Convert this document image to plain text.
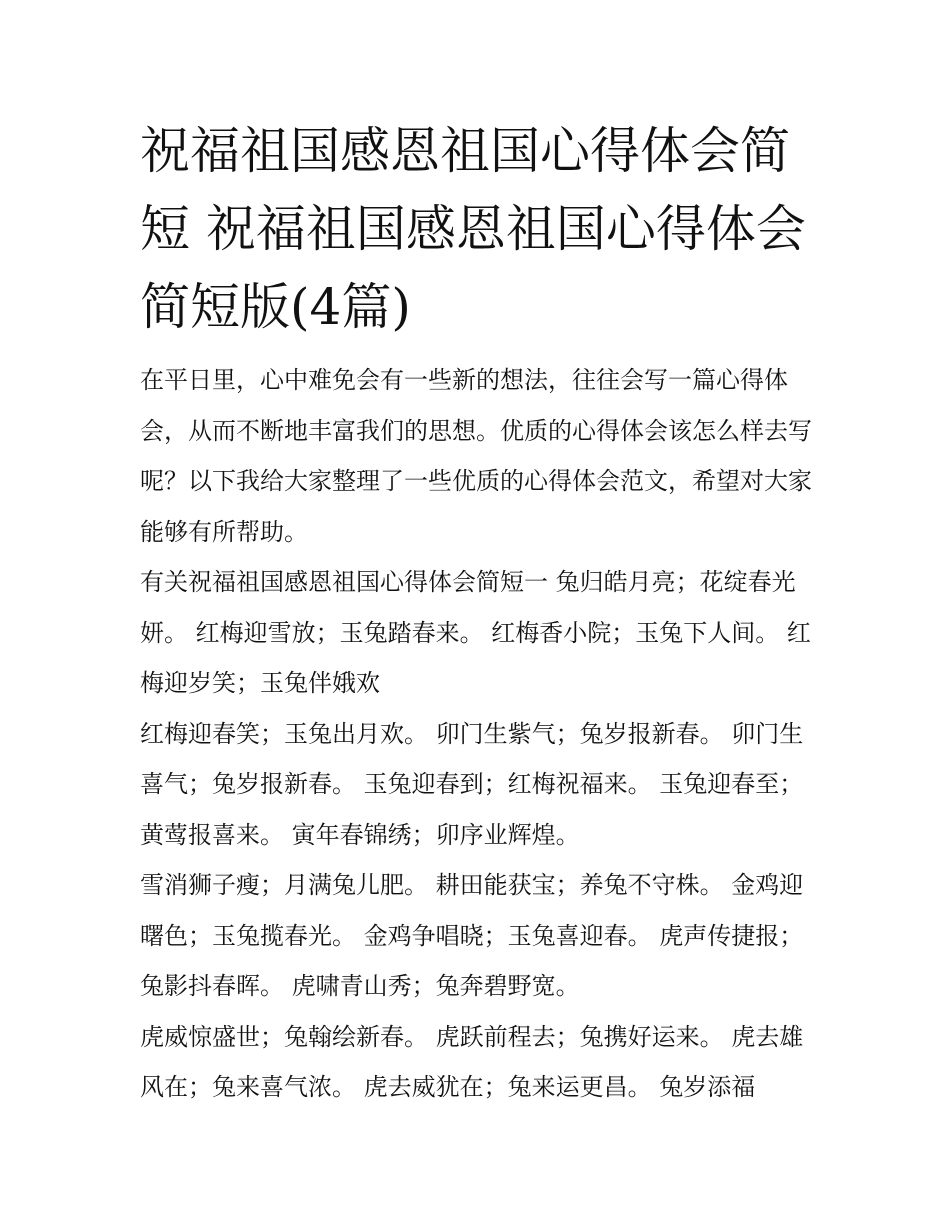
祝福祖国感恩祖国心得体会简短 祝福祖国感恩祖国心得体会简短版(4篇)

在平日里，心中难免会有一些新的想法，往往会写一篇心得体会，从而不断地丰富我们的思想。优质的心得体会该怎么样去写呢？以下我给大家整理了一些优质的心得体会范文，希望对大家能够有所帮助。

有关祝福祖国感恩祖国心得体会简短一 兔归皓月亮；花绽春光妍。 红梅迎雪放；玉兔踏春来。 红梅香小院；玉兔下人间。 红梅迎岁笑；玉兔伴娥欢

红梅迎春笑；玉兔出月欢。 卯门生紫气；兔岁报新春。 卯门生喜气；兔岁报新春。 玉兔迎春到；红梅祝福来。 玉兔迎春至；黄莺报喜来。 寅年春锦绣；卯序业辉煌。

雪消狮子瘦；月满兔儿肥。 耕田能获宝；养兔不守株。 金鸡迎曙色；玉兔揽春光。 金鸡争唱晓；玉兔喜迎春。 虎声传捷报；兔影抖春晖。 虎啸青山秀；兔奔碧野宽。

虎威惊盛世；兔翰绘新春。 虎跃前程去；兔携好运来。 虎去雄风在；兔来喜气浓。 虎去威犹在；兔来运更昌。 兔岁添福
